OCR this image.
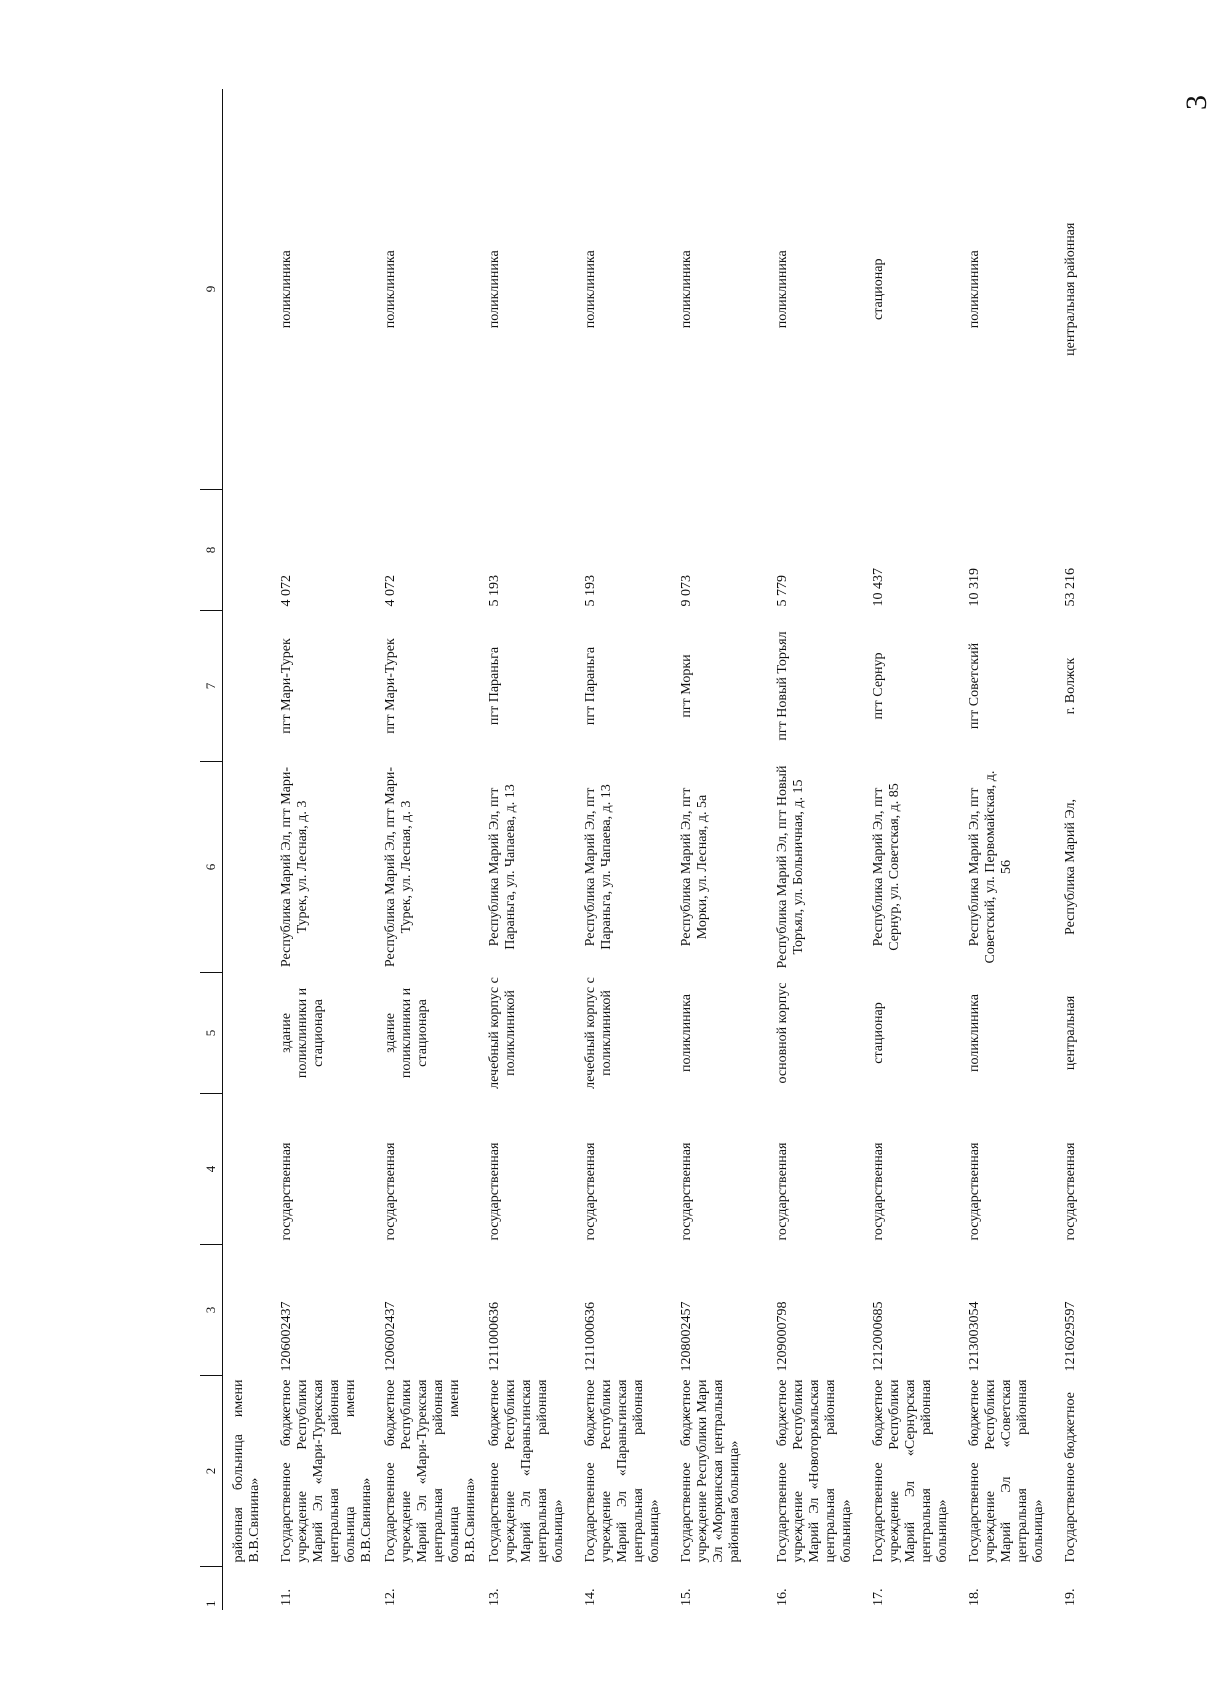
3
1	2	3	4	5	6	7	8	9
	районная больница имени В.В.Свинина»							
11.	Государственное бюджетное учреждение Республики Марий Эл «Мари-Турекская центральная районная больница имени В.В.Свинина»	1206002437	государственная	здание поликлиники и стационара	Республика Марий Эл, пгт Мари-Турек, ул. Лесная, д. 3	пгт Мари-Турек	4 072	поликлиника
12.	Государственное бюджетное учреждение Республики Марий Эл «Мари-Турекская центральная районная больница имени В.В.Свинина»	1206002437	государственная	здание поликлиники и стационара	Республика Марий Эл, пгт Мари-Турек, ул. Лесная, д. 3	пгт Мари-Турек	4 072	поликлиника
13.	Государственное бюджетное учреждение Республики Марий Эл «Параньгинская центральная районная больница»	1211000636	государственная	лечебный корпус с поликлиникой	Республика Марий Эл, пгт Параньга, ул. Чапаева, д. 13	пгт Параньга	5 193	поликлиника
14.	Государственное бюджетное учреждение Республики Марий Эл «Параньгинская центральная районная больница»	1211000636	государственная	лечебный корпус с поликлиникой	Республика Марий Эл, пгт Параньга, ул. Чапаева, д. 13	пгт Параньга	5 193	поликлиника
15.	Государственное бюджетное учреждение Республики Мари Эл «Моркинская центральная районная больница»	1208002457	государственная	поликлиника	Республика Марий Эл, пгт Морки, ул. Лесная, д. 5а	пгт Морки	9 073	поликлиника
16.	Государственное бюджетное учреждение Республики Марий Эл «Новоторъяльская центральная районная больница»	1209000798	государственная	основной корпус	Республика Марий Эл, пгт Новый Торъял, ул. Больничная, д. 15	пгт Новый Торъял	5 779	поликлиника
17.	Государственное бюджетное учреждение Республики Марий Эл «Сернурская центральная районная больница»	1212000685	государственная	стационар	Республика Марий Эл, пгт Сернур, ул. Советская, д. 85	пгт Сернур	10 437	стационар
18.	Государственное бюджетное учреждение Республики Марий Эл «Советская центральная районная больница»	1213003054	государственная	поликлиника	Республика Марий Эл, пгт Советский, ул. Первомайская, д. 56	пгт Советский	10 319	поликлиника
19.	Государственное бюджетное	1216029597	государственная	центральная	Республика Марий Эл,	г. Волжск	53 216	центральная районная
